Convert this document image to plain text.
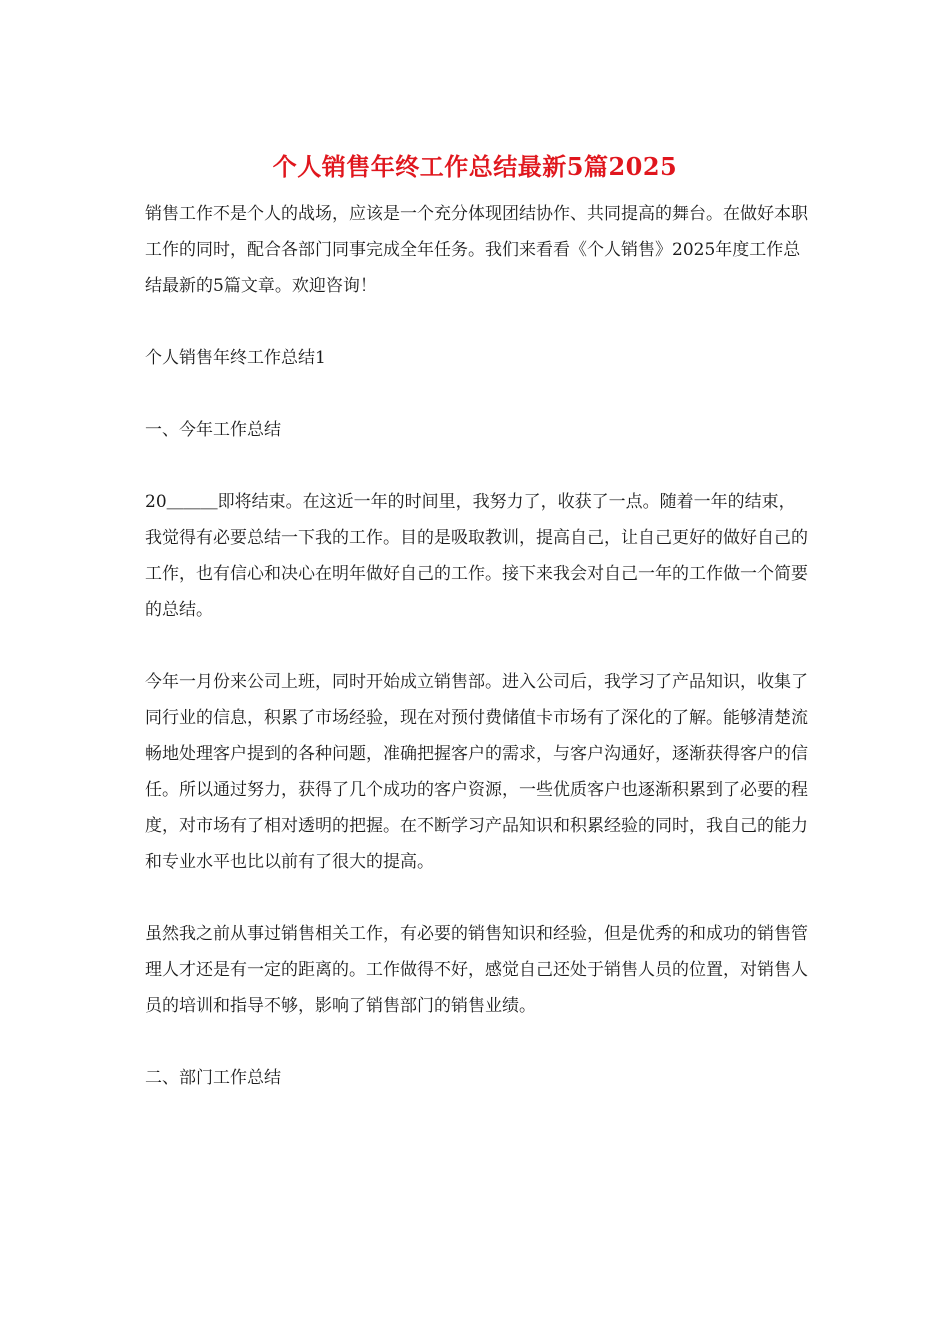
个人销售年终工作总结最新5篇2025

销售工作不是个人的战场，应该是一个充分体现团结协作、共同提高的舞台。在做好本职工作的同时，配合各部门同事完成全年任务。我们来看看《个人销售》2025年度工作总结最新的5篇文章。欢迎咨询！

个人销售年终工作总结1

一、今年工作总结

20＿＿＿即将结束。在这近一年的时间里，我努力了，收获了一点。随着一年的结束，我觉得有必要总结一下我的工作。目的是吸取教训，提高自己，让自己更好的做好自己的工作，也有信心和决心在明年做好自己的工作。接下来我会对自己一年的工作做一个简要的总结。

今年一月份来公司上班，同时开始成立销售部。进入公司后，我学习了产品知识，收集了同行业的信息，积累了市场经验，现在对预付费储值卡市场有了深化的了解。能够清楚流畅地处理客户提到的各种问题，准确把握客户的需求，与客户沟通好，逐渐获得客户的信任。所以通过努力，获得了几个成功的客户资源，一些优质客户也逐渐积累到了必要的程度，对市场有了相对透明的把握。在不断学习产品知识和积累经验的同时，我自己的能力和专业水平也比以前有了很大的提高。

虽然我之前从事过销售相关工作，有必要的销售知识和经验，但是优秀的和成功的销售管理人才还是有一定的距离的。工作做得不好，感觉自己还处于销售人员的位置，对销售人员的培训和指导不够，影响了销售部门的销售业绩。

二、部门工作总结
